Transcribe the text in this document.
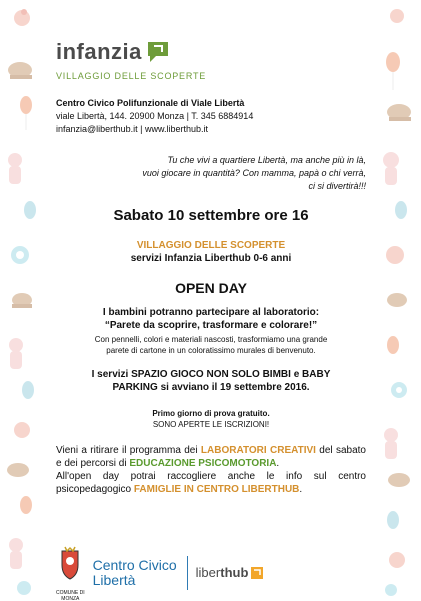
infanzia
VILLAGGIO DELLE SCOPERTE
Centro Civico Polifunzionale di Viale Libertà
viale Libertà, 144. 20900 Monza | T. 345 6884914
infanzia@liberthub.it | www.liberthub.it
Tu che vivi a quartiere Libertà, ma anche più in là,
vuoi giocare in quantità? Con mamma, papà o chi verrà,
ci si divertirà!!!
Sabato 10 settembre ore 16
VILLAGGIO DELLE SCOPERTE
servizi Infanzia Liberthub 0-6 anni
OPEN DAY
I bambini potranno partecipare al laboratorio:
“Parete da scoprire, trasformare e colorare!”
Con pennelli, colori e materiali nascosti, trasformiamo una grande
parete di cartone in un coloratissimo murales di benvenuto.
I servizi SPAZIO GIOCO NON SOLO BIMBI e BABY
PARKING si avviano il 19 settembre 2016.
Primo giorno di prova gratuito.
SONO APERTE LE ISCRIZIONI!

Vieni a ritirare il programma dei LABORATORI CREATIVI del sabato e dei percorsi di EDUCAZIONE PSICOMOTORIA.

All'open day potrai raccogliere anche le info sul centro psicopedagogico FAMIGLIE IN CENTRO LIBERTHUB.

COMUNE DI
MONZA
Centro Civico
Libertà	liber thub
